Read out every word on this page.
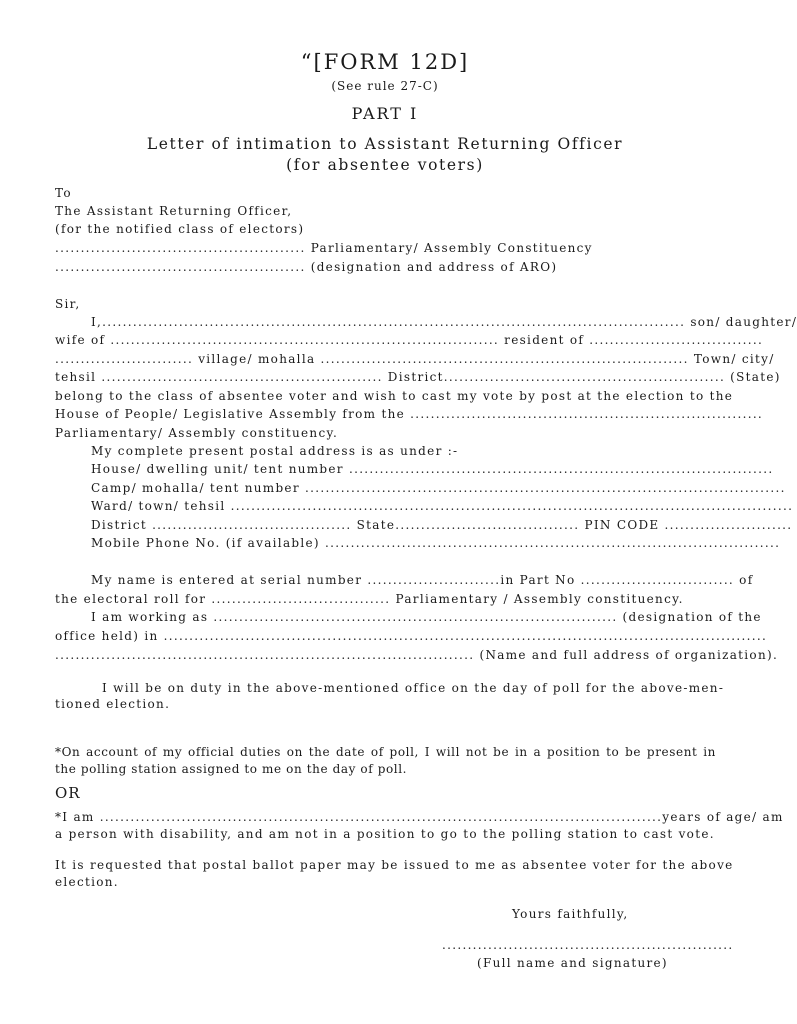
“[FORM 12D]
(See rule 27-C)
PART I
Letter of intimation to Assistant Returning Officer
(for absentee voters)
To
The Assistant Returning Officer,
(for the notified class of electors)
................................................. Parliamentary/ Assembly Constituency
................................................. (designation and address of ARO)
Sir,
I,.................................................................................................................. son/ daughter/
wife of ............................................................................ resident of ..................................
........................... village/ mohalla ........................................................................ Town/ city/
tehsil ....................................................... District....................................................... (State)
belong to the class of absentee voter and wish to cast my vote by post at the election to the
House of People/ Legislative Assembly from the .....................................................................
Parliamentary/ Assembly constituency.
My complete present postal address is as under :-
House/ dwelling unit/ tent number ...................................................................................
Camp/ mohalla/ tent number ..............................................................................................
Ward/ town/ tehsil ..............................................................................................................
District ....................................... State.................................... PIN CODE .........................
Mobile Phone No. (if available) .........................................................................................
My name is entered at serial number ..........................in Part No .............................. of
the electoral roll for ................................... Parliamentary / Assembly constituency.
I am working as ............................................................................... (designation of the
office held) in ......................................................................................................................
.................................................................................. (Name and full address of organization).
I will be on duty in the above-mentioned office on the day of poll for the above-men-
tioned election.
*On account of my official duties on the date of poll, I will not be in a position to be present in
the polling station assigned to me on the day of poll.
OR
*I am ..............................................................................................................years of age/ am
a person with disability, and am not in a position to go to the polling station to cast vote.
It is requested that postal ballot paper may be issued to me as absentee voter for the above
election.
Yours faithfully,
.........................................................
(Full name and signature)
